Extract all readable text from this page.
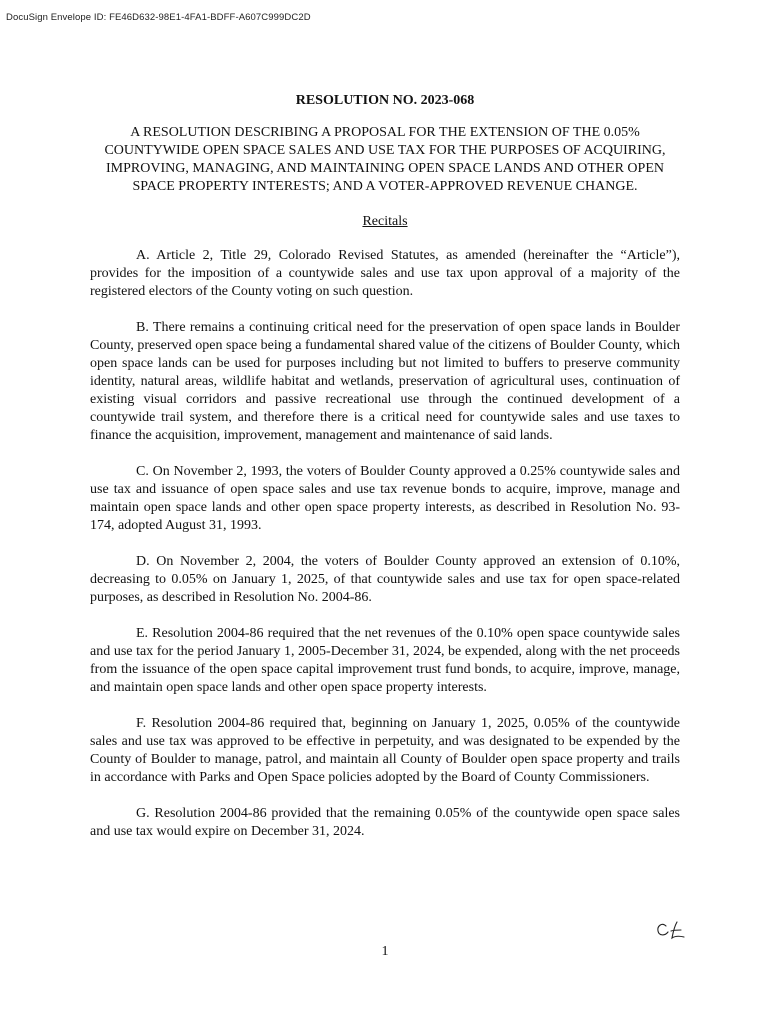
DocuSign Envelope ID: FE46D632-98E1-4FA1-BDFF-A607C999DC2D
RESOLUTION NO. 2023-068
A RESOLUTION DESCRIBING A PROPOSAL FOR THE EXTENSION OF THE 0.05% COUNTYWIDE OPEN SPACE SALES AND USE TAX FOR THE PURPOSES OF ACQUIRING, IMPROVING, MANAGING, AND MAINTAINING OPEN SPACE LANDS AND OTHER OPEN SPACE PROPERTY INTERESTS; AND A VOTER-APPROVED REVENUE CHANGE.
Recitals

A. Article 2, Title 29, Colorado Revised Statutes, as amended (hereinafter the “Article”), provides for the imposition of a countywide sales and use tax upon approval of a majority of the registered electors of the County voting on such question.

B. There remains a continuing critical need for the preservation of open space lands in Boulder County, preserved open space being a fundamental shared value of the citizens of Boulder County, which open space lands can be used for purposes including but not limited to buffers to preserve community identity, natural areas, wildlife habitat and wetlands, preservation of agricultural uses, continuation of existing visual corridors and passive recreational use through the continued development of a countywide trail system, and therefore there is a critical need for countywide sales and use taxes to finance the acquisition, improvement, management and maintenance of said lands.

C. On November 2, 1993, the voters of Boulder County approved a 0.25% countywide sales and use tax and issuance of open space sales and use tax revenue bonds to acquire, improve, manage and maintain open space lands and other open space property interests, as described in Resolution No. 93-174, adopted August 31, 1993.

D. On November 2, 2004, the voters of Boulder County approved an extension of 0.10%, decreasing to 0.05% on January 1, 2025, of that countywide sales and use tax for open space-related purposes, as described in Resolution No. 2004-86.

E. Resolution 2004-86 required that the net revenues of the 0.10% open space countywide sales and use tax for the period January 1, 2005-December 31, 2024, be expended, along with the net proceeds from the issuance of the open space capital improvement trust fund bonds, to acquire, improve, manage, and maintain open space lands and other open space property interests.

F. Resolution 2004-86 required that, beginning on January 1, 2025, 0.05% of the countywide sales and use tax was approved to be effective in perpetuity, and was designated to be expended by the County of Boulder to manage, patrol, and maintain all County of Boulder open space property and trails in accordance with Parks and Open Space policies adopted by the Board of County Commissioners.

G. Resolution 2004-86 provided that the remaining 0.05% of the countywide open space sales and use tax would expire on December 31, 2024.

1
